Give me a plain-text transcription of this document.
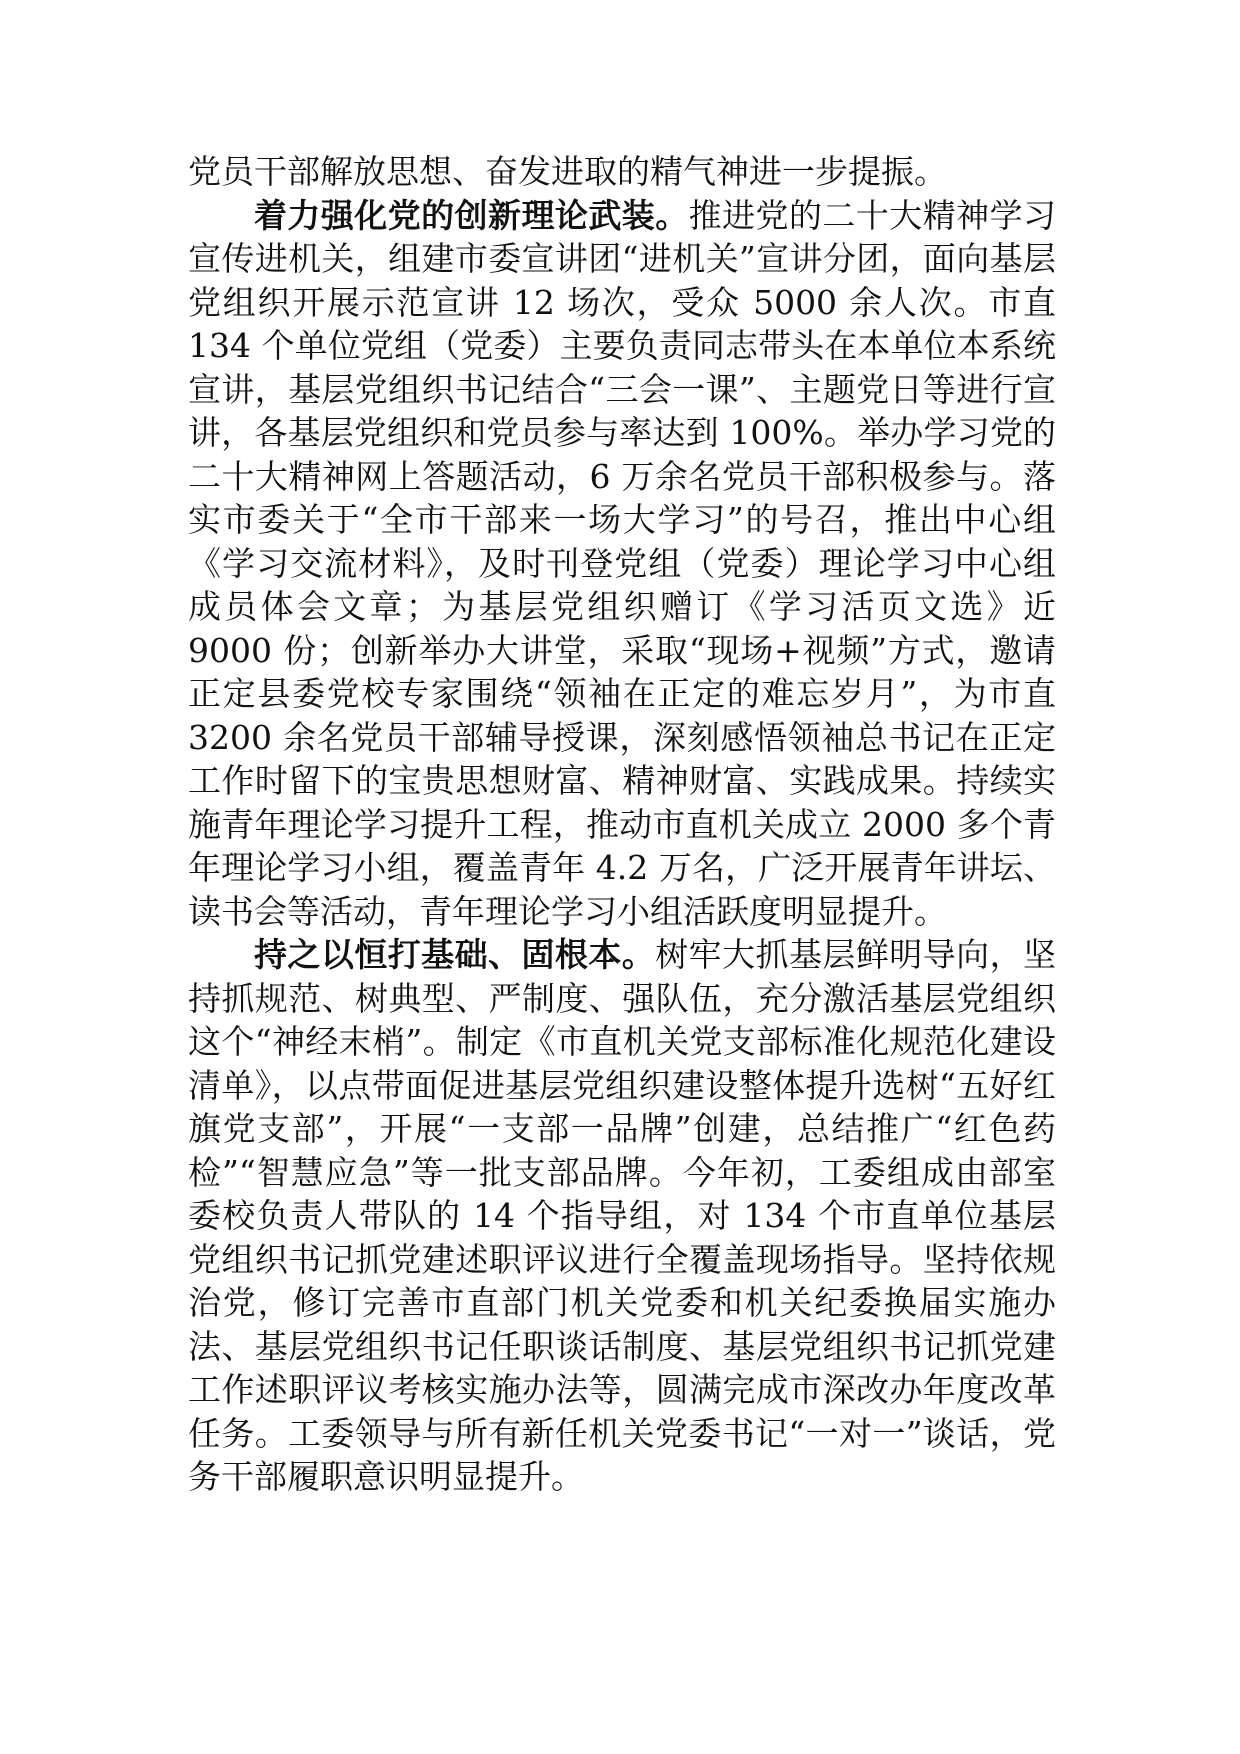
党员干部解放思想、奋发进取的精气神进一步提振。

着力强化党的创新理论武装。推进党的二十大精神学习宣传进机关，组建市委宣讲团“进机关”宣讲分团，面向基层党组织开展示范宣讲 12 场次，受众 5000 余人次。市直 134 个单位党组（党委）主要负责同志带头在本单位本系统宣讲，基层党组织书记结合“三会一课”、主题党日等进行宣讲，各基层党组织和党员参与率达到 100%。举办学习党的二十大精神网上答题活动，6 万余名党员干部积极参与。落实市委关于“全市干部来一场大学习”的号召，推出中心组《学习交流材料》，及时刊登党组（党委）理论学习中心组成员体会文章；为基层党组织赠订《学习活页文选》近 9000 份；创新举办大讲堂，采取“现场+视频”方式，邀请正定县委党校专家围绕“领袖在正定的难忘岁月”，为市直 3200 余名党员干部辅导授课，深刻感悟领袖总书记在正定工作时留下的宝贵思想财富、精神财富、实践成果。持续实施青年理论学习提升工程，推动市直机关成立 2000 多个青年理论学习小组，覆盖青年 4.2 万名，广泛开展青年讲坛、读书会等活动，青年理论学习小组活跃度明显提升。

持之以恒打基础、固根本。树牢大抓基层鲜明导向，坚持抓规范、树典型、严制度、强队伍，充分激活基层党组织这个“神经末梢”。制定《市直机关党支部标准化规范化建设清单》，以点带面促进基层党组织建设整体提升选树“五好红旗党支部”，开展“一支部一品牌”创建，总结推广“红色药检”“智慧应急”等一批支部品牌。今年初，工委组成由部室委校负责人带队的 14 个指导组，对 134 个市直单位基层党组织书记抓党建述职评议进行全覆盖现场指导。坚持依规治党，修订完善市直部门机关党委和机关纪委换届实施办法、基层党组织书记任职谈话制度、基层党组织书记抓党建工作述职评议考核实施办法等，圆满完成市深改办年度改革任务。工委领导与所有新任机关党委书记“一对一”谈话，党务干部履职意识明显提升。
